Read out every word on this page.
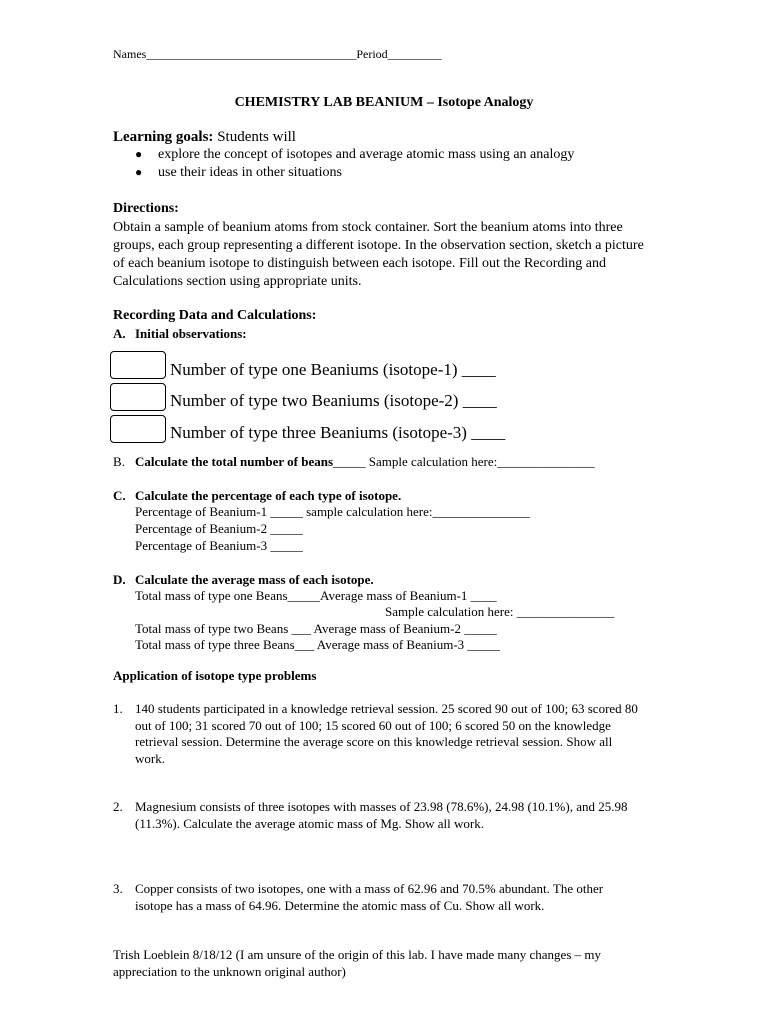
Names___________________________________Period_________
CHEMISTRY LAB BEANIUM – Isotope Analogy
Learning goals: Students will
● explore the concept of isotopes and average atomic mass using an analogy
● use their ideas in other situations
Directions:
Obtain a sample of beanium atoms from stock container. Sort the beanium atoms into three groups, each group representing a different isotope. In the observation section, sketch a picture of each beanium isotope to distinguish between each isotope. Fill out the Recording and Calculations section using appropriate units.
Recording Data and Calculations:
A. Initial observations:
Number of type one Beaniums (isotope-1) ____
Number of type two Beaniums (isotope-2) ____
Number of type three Beaniums (isotope-3) ____
B. Calculate the total number of beans_____ Sample calculation here:_______________
C. Calculate the percentage of each type of isotope.
Percentage of Beanium-1 _____ sample calculation here:_______________
Percentage of Beanium-2 _____
Percentage of Beanium-3 _____
D. Calculate the average mass of each isotope.
Total mass of type one Beans_____Average mass of Beanium-1 ____
Sample calculation here: _______________
Total mass of type two Beans ___ Average mass of Beanium-2 _____
Total mass of type three Beans___ Average mass of Beanium-3 _____
Application of isotope type problems
1. 140 students participated in a knowledge retrieval session. 25 scored 90 out of 100; 63 scored 80 out of 100; 31 scored 70 out of 100; 15 scored 60 out of 100; 6 scored 50 on the knowledge retrieval session. Determine the average score on this knowledge retrieval session. Show all work.
2. Magnesium consists of three isotopes with masses of 23.98 (78.6%), 24.98 (10.1%), and 25.98 (11.3%). Calculate the average atomic mass of Mg. Show all work.
3. Copper consists of two isotopes, one with a mass of 62.96 and 70.5% abundant. The other isotope has a mass of 64.96. Determine the atomic mass of Cu. Show all work.
Trish Loeblein 8/18/12 (I am unsure of the origin of this lab. I have made many changes – my appreciation to the unknown original author)
